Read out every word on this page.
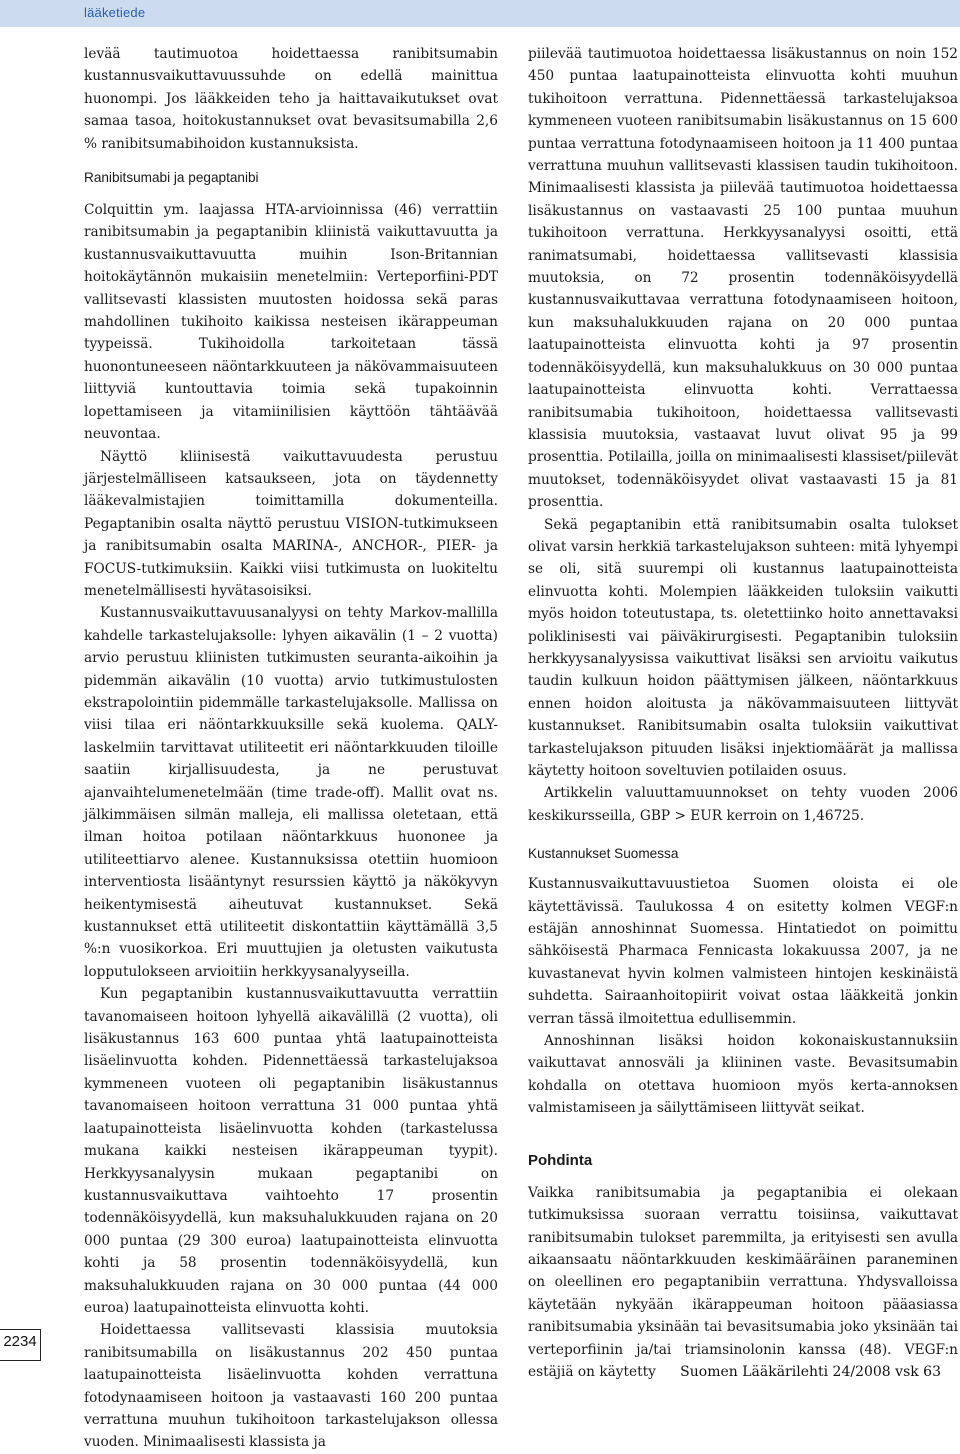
lääketiede

levää tautimuotoa hoidettaessa ranibitsumabin kustannusvaikuttavuussuhde on edellä mainittua huonompi. Jos lääkkeiden teho ja haittavaikutukset ovat samaa tasoa, hoitokustannukset ovat bevasitsumabilla 2,6 % ranibitsumabihoidon kustannuksista.

Ranibitsumabi ja pegaptanibi

Colquittin ym. laajassa HTA-arvioinnissa (46) verrattiin ranibitsumabin ja pegaptanibin kliinistä vaikuttavuutta ja kustannusvaikuttavuutta muihin Ison-Britannian hoitokäytännön mukaisiin menetelmiin: Verteporfiini-PDT vallitsevasti klassisten muutosten hoidossa sekä paras mahdollinen tukihoito kaikissa nesteisen ikärappeuman tyypeissä. Tukihoidolla tarkoitetaan tässä huonontuneeseen näöntarkkuuteen ja näkövammaisuuteen liittyviä kuntouttavia toimia sekä tupakoinnin lopettamiseen ja vitamiinilisien käyttöön tähtäävää neuvontaa.

Näyttö kliinisestä vaikuttavuudesta perustuu järjestelmälliseen katsaukseen, jota on täydennetty lääkevalmistajien toimittamilla dokumenteilla. Pegaptanibin osalta näyttö perustuu VISION-tutkimukseen ja ranibitsumabin osalta MARINA-, ANCHOR-, PIER- ja FOCUS-tutkimuksiin. Kaikki viisi tutkimusta on luokiteltu menetelmällisesti hyvätasoisiksi.

Kustannusvaikuttavuusanalyysi on tehty Markov-mallilla kahdelle tarkastelujaksolle: lyhyen aikavälin (1 – 2 vuotta) arvio perustuu kliinisten tutkimusten seuranta-aikoihin ja pidemmän aikavälin (10 vuotta) arvio tutkimustulosten ekstrapolointiin pidemmälle tarkastelujaksolle. Mallissa on viisi tilaa eri näöntarkkuuksille sekä kuolema. QALY-laskelmiin tarvittavat utiliteetit eri näöntarkkuuden tiloille saatiin kirjallisuudesta, ja ne perustuvat ajanvaihtelumenetelmään (time trade-off). Mallit ovat ns. jälkimmäisen silmän malleja, eli mallissa oletetaan, että ilman hoitoa potilaan näöntarkkuus huononee ja utiliteettiarvo alenee. Kustannuksissa otettiin huomioon interventiosta lisääntynyt resurssien käyttö ja näkökyvyn heikentymisestä aiheutuvat kustannukset. Sekä kustannukset että utiliteetit diskontattiin käyttämällä 3,5 %:n vuosikorkoa. Eri muuttujien ja oletusten vaikutusta lopputulokseen arvioitiin herkkyysanalyyseilla.

Kun pegaptanibin kustannusvaikuttavuutta verrattiin tavanomaiseen hoitoon lyhyellä aikavälillä (2 vuotta), oli lisäkustannus 163 600 puntaa yhtä laatupainotteista lisäelinvuotta kohden. Pidennettäessä tarkastelujaksoa kymmeneen vuoteen oli pegaptanibin lisäkustannus tavanomaiseen hoitoon verrattuna 31 000 puntaa yhtä laatupainotteista lisäelinvuotta kohden (tarkastelussa mukana kaikki nesteisen ikärappeuman tyypit). Herkkyysanalyysin mukaan pegaptanibi on kustannusvaikuttava vaihtoehto 17 prosentin todennäköisyydellä, kun maksuhalukkuuden rajana on 20 000 puntaa (29 300 euroa) laatupainotteista elinvuotta kohti ja 58 prosentin todennäköisyydellä, kun maksuhalukkuuden rajana on 30 000 puntaa (44 000 euroa) laatupainotteista elinvuotta kohti.

Hoidettaessa vallitsevasti klassisia muutoksia ranibitsumabilla on lisäkustannus 202 450 puntaa laatupainotteista lisäelinvuotta kohden verrattuna fotodynaamiseen hoitoon ja vastaavasti 160 200 puntaa verrattuna muuhun tukihoitoon tarkastelujakson ollessa vuoden. Minimaalisesti klassista ja

piilevää tautimuotoa hoidettaessa lisäkustannus on noin 152 450 puntaa laatupainotteista elinvuotta kohti muuhun tukihoitoon verrattuna. Pidennettäessä tarkastelujaksoa kymmeneen vuoteen ranibitsumabin lisäkustannus on 15 600 puntaa verrattuna fotodynaamiseen hoitoon ja 11 400 puntaa verrattuna muuhun vallitsevasti klassisen taudin tukihoitoon. Minimaalisesti klassista ja piilevää tautimuotoa hoidettaessa lisäkustannus on vastaavasti 25 100 puntaa muuhun tukihoitoon verrattuna. Herkkyysanalyysi osoitti, että ranimatsumabi, hoidettaessa vallitsevasti klassisia muutoksia, on 72 prosentin todennäköisyydellä kustannusvaikuttavaa verrattuna fotodynaamiseen hoitoon, kun maksuhalukkuuden rajana on 20 000 puntaa laatupainotteista elinvuotta kohti ja 97 prosentin todennäköisyydellä, kun maksuhalukkuus on 30 000 puntaa laatupainotteista elinvuotta kohti. Verrattaessa ranibitsumabia tukihoitoon, hoidettaessa vallitsevasti klassisia muutoksia, vastaavat luvut olivat 95 ja 99 prosenttia. Potilailla, joilla on minimaalisesti klassiset/piilevät muutokset, todennäköisyydet olivat vastaavasti 15 ja 81 prosenttia.

Sekä pegaptanibin että ranibitsumabin osalta tulokset olivat varsin herkkiä tarkastelujakson suhteen: mitä lyhyempi se oli, sitä suurempi oli kustannus laatupainotteista elinvuotta kohti. Molempien lääkkeiden tuloksiin vaikutti myös hoidon toteutustapa, ts. oletettiinko hoito annettavaksi poliklinisesti vai päiväkirurgisesti. Pegaptanibin tuloksiin herkkyysanalyysissa vaikuttivat lisäksi sen arvioitu vaikutus taudin kulkuun hoidon päättymisen jälkeen, näöntarkkuus ennen hoidon aloitusta ja näkövammaisuuteen liittyvät kustannukset. Ranibitsumabin osalta tuloksiin vaikuttivat tarkastelujakson pituuden lisäksi injektiomäärät ja mallissa käytetty hoitoon soveltuvien potilaiden osuus.

Artikkelin valuuttamuunnokset on tehty vuoden 2006 keskikursseilla, GBP > EUR kerroin on 1,46725.

Kustannukset Suomessa

Kustannusvaikuttavuustietoa Suomen oloista ei ole käytettävissä. Taulukossa 4 on esitetty kolmen VEGF:n estäjän annoshinnat Suomessa. Hintatiedot on poimittu sähköisestä Pharmaca Fennicasta lokakuussa 2007, ja ne kuvastanevat hyvin kolmen valmisteen hintojen keskinäistä suhdetta. Sairaanhoitopiirit voivat ostaa lääkkeitä jonkin verran tässä ilmoitettua edullisemmin.

Annoshinnan lisäksi hoidon kokonaiskustannuksiin vaikuttavat annosväli ja kliininen vaste. Bevasitsumabin kohdalla on otettava huomioon myös kerta-annoksen valmistamiseen ja säilyttämiseen liittyvät seikat.

Pohdinta

Vaikka ranibitsumabia ja pegaptanibia ei olekaan tutkimuksissa suoraan verrattu toisiinsa, vaikuttavat ranibitsumabin tulokset paremmilta, ja erityisesti sen avulla aikaansaatu näöntarkkuuden keskimääräinen paraneminen on oleellinen ero pegaptanibiin verrattuna. Yhdysvalloissa käytetään nykyään ikärappeuman hoitoon pääasiassa ranibitsumabia yksinään tai bevasitsumabia joko yksinään tai verteporfiinin ja/tai triamsinolonin kanssa (48). VEGF:n estäjiä on käytetty

2234
Suomen Lääkärilehti 24/2008 vsk 63
